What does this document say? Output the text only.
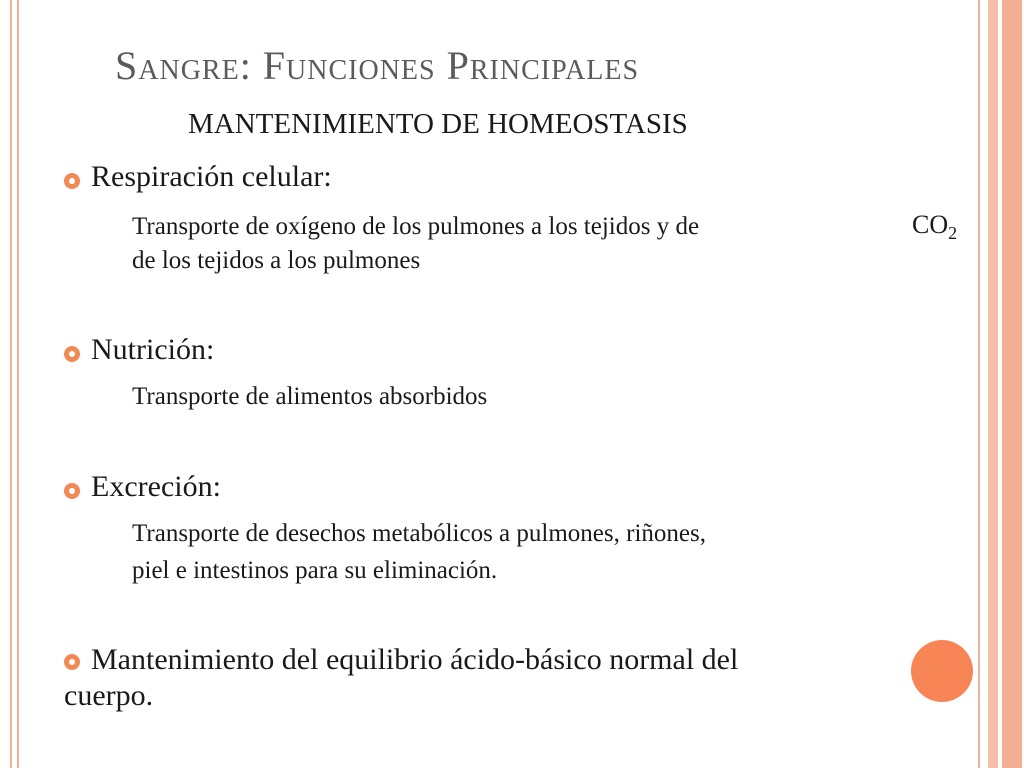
Sangre: Funciones Principales

MANTENIMIENTO DE HOMEOSTASIS

Respiración celular:

Transporte de oxígeno de los pulmones a los tejidos y de

de los tejidos a los pulmones

$CO_2$

Nutrición:

Transporte de alimentos absorbidos

Excreción:

Transporte de desechos metabólicos a pulmones, riñones,

piel e intestinos para su eliminación.

Mantenimiento del equilibrio ácido-básico normal del
cuerpo.
